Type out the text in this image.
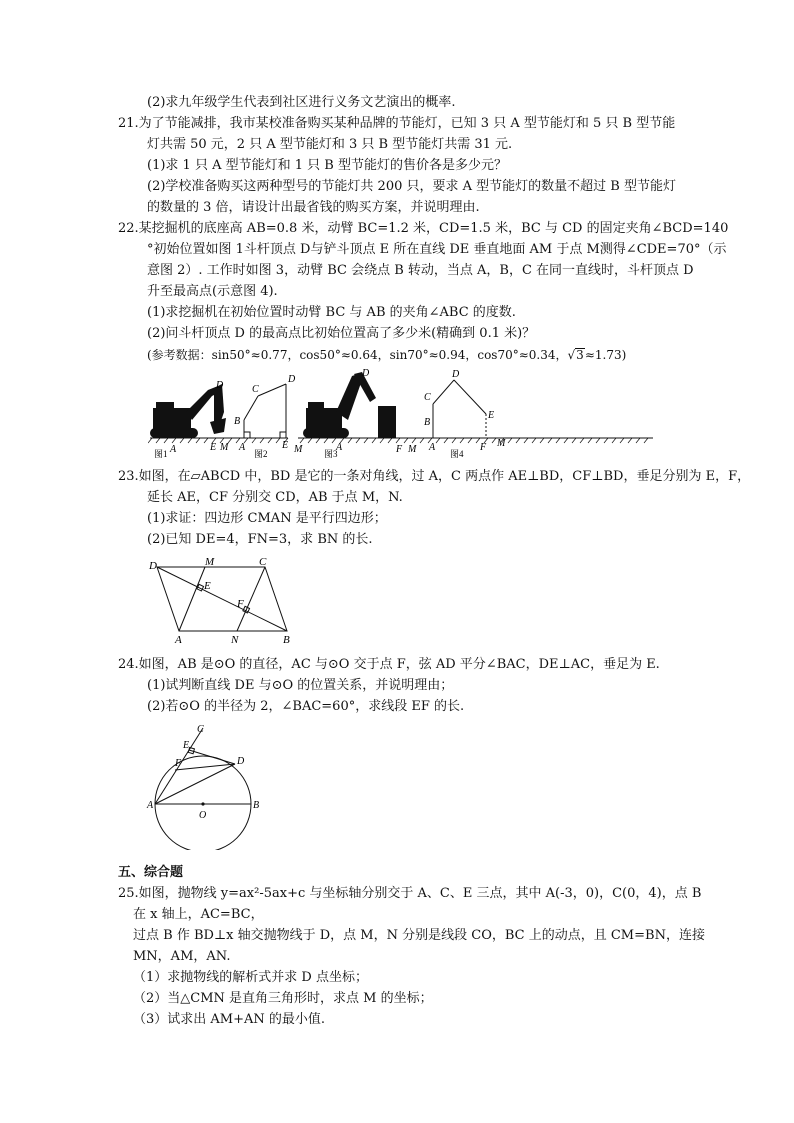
(2)求九年级学生代表到社区进行义务文艺演出的概率.
21.为了节能减排，我市某校准备购买某种品牌的节能灯，已知 3 只 A 型节能灯和 5 只 B 型节能
灯共需 50 元，2 只 A 型节能灯和 3 只 B 型节能灯共需 31 元.
(1)求 1 只 A 型节能灯和 1 只 B 型节能灯的售价各是多少元？
(2)学校准备购买这两种型号的节能灯共 200 只，要求 A 型节能灯的数量不超过 B 型节能灯
的数量的 3 倍，请设计出最省钱的购买方案，并说明理由.
22.某挖掘机的底座高 AB=0.8 米，动臂 BC=1.2 米，CD=1.5 米，BC 与 CD 的固定夹角∠BCD=140
°初始位置如图 1斗杆顶点 D与铲斗顶点 E 所在直线 DE 垂直地面 AM 于点 M测得∠CDE=70°（示
意图 2）. 工作时如图 3，动臂 BC 会绕点 B 转动，当点 A，B，C 在同一直线时，斗杆顶点 D
升至最高点(示意图 4).
(1)求挖掘机在初始位置时动臂 BC 与 AB 的夹角∠ABC 的度数.
(2)问斗杆顶点 D 的最高点比初始位置高了多少米(精确到 0.1 米)？
(参考数据：sin50°≈0.77，cos50°≈0.64，sin70°≈0.94，cos70°≈0.34，√3≈1.73)
A	E M
D
图1
B
C
D
A	E M
图2
A
D
F M
图3
C
B
D
E
A	F M
图4
23.如图，在▱ABCD 中，BD 是它的一条对角线，过 A，C 两点作 AE⊥BD，CF⊥BD，垂足分别为 E，F，
延长 AE，CF 分别交 CD，AB 于点 M，N.
(1)求证：四边形 CMAN 是平行四边形；
(2)已知 DE=4，FN=3，求 BN 的长.
D	M	C
E
F
A	N	B
24.如图，AB 是⊙O 的直径，AC 与⊙O 交于点 F，弦 AD 平分∠BAC，DE⊥AC，垂足为 E.
(1)试判断直线 DE 与⊙O 的位置关系，并说明理由；
(2)若⊙O 的半径为 2，∠BAC=60°，求线段 EF 的长.
A	B
O
C
E
F	D
五、综合题
25.如图，抛物线 y=ax²-5ax+c 与坐标轴分别交于 A、C、E 三点，其中 A(-3，0)，C(0，4)，点 B
在 x 轴上，AC=BC，
过点 B 作 BD⊥x 轴交抛物线于 D，点 M，N 分别是线段 CO，BC 上的动点，且 CM=BN，连接
MN，AM，AN.
（1）求抛物线的解析式并求 D 点坐标；
（2）当△CMN 是直角三角形时，求点 M 的坐标；
（3）试求出 AM+AN 的最小值.
